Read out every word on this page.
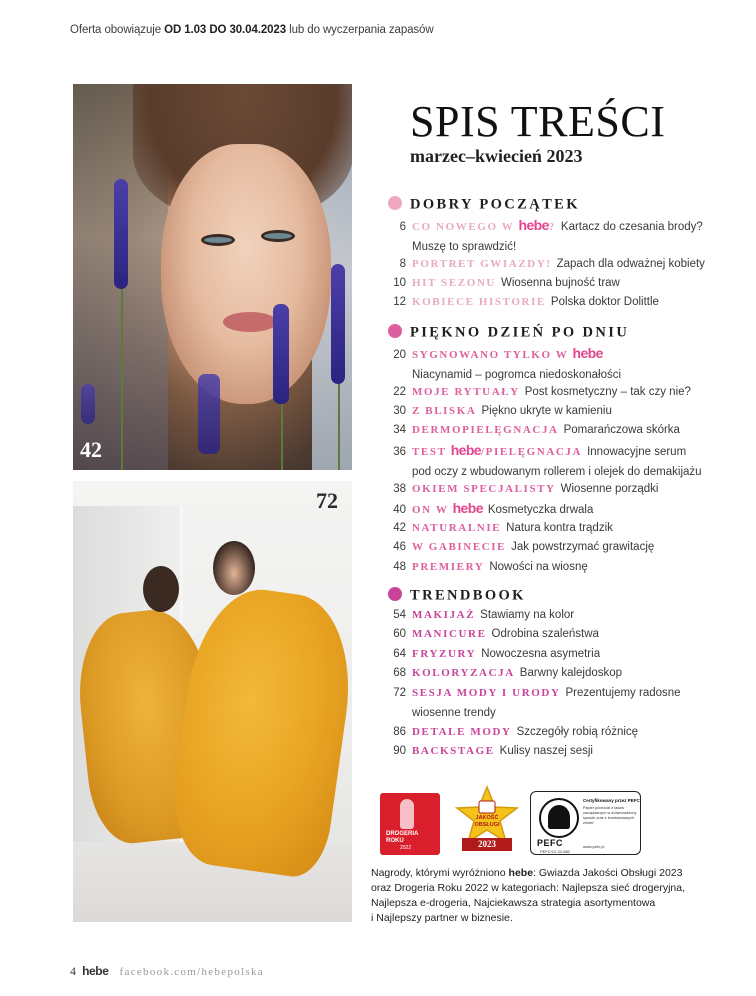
Oferta obowiązuje OD 1.03 DO 30.04.2023 lub do wyczerpania zapasów
42
72
SPIS TREŚCI
marzec–kwiecień 2023
DOBRY POCZĄTEK
6 CO NOWEGO W hebe? Kartacz do czesania brody?
Muszę to sprawdzić!
8 PORTRET GWIAZDY! Zapach dla odważnej kobiety
10 HIT SEZONU Wiosenna bujność traw
12 KOBIECE HISTORIE Polska doktor Dolittle
PIĘKNO DZIEŃ PO DNIU
20 SYGNOWANO TYLKO W hebe
Niacynamid – pogromca niedoskonałości
22 MOJE RYTUAŁY Post kosmetyczny – tak czy nie?
30 Z BLISKA Piękno ukryte w kamieniu
34 DERMOPIELĘGNACJA Pomarańczowa skórka
36 TEST hebe/PIELĘGNACJA Innowacyjne serum
pod oczy z wbudowanym rollerem i olejek do demakijażu
38 OKIEM SPECJALISTY Wiosenne porządki
40 ON W hebe Kosmetyczka drwala
42 NATURALNIE Natura kontra trądzik
46 W GABINECIE Jak powstrzymać grawitację
48 PREMIERY Nowości na wiosnę
TRENDBOOK
54 MAKIJAŻ Stawiamy na kolor
60 MANICURE Odrobina szaleństwa
64 FRYZURY Nowoczesna asymetria
68 KOLORYZACJA Barwny kalejdoskop
72 SESJA MODY I URODY Prezentujemy radosne
wiosenne trendy
86 DETALE MODY Szczegóły robią różnicę
90 BACKSTAGE Kulisy naszej sesji
DROGERIA
ROKU
2022
JAKOŚĆ
OBSŁUGI
2023	PEFC
PEFC/12-32-882
Certyfikowany przez PEFC
Papier pochodzi z lasów zarządzanych w zrównoważony sposób oraz z kontrolowanych źródeł
www.pefc.pl
Nagrody, którymi wyróżniono hebe: Gwiazda Jakości Obsługi 2023
oraz Drogeria Roku 2022 w kategoriach: Najlepsza sieć drogeryjna,
Najlepsza e-drogeria, Najciekawsza strategia asortymentowa
i Najlepszy partner w biznesie.
4 hebe facebook.com/hebepolska
